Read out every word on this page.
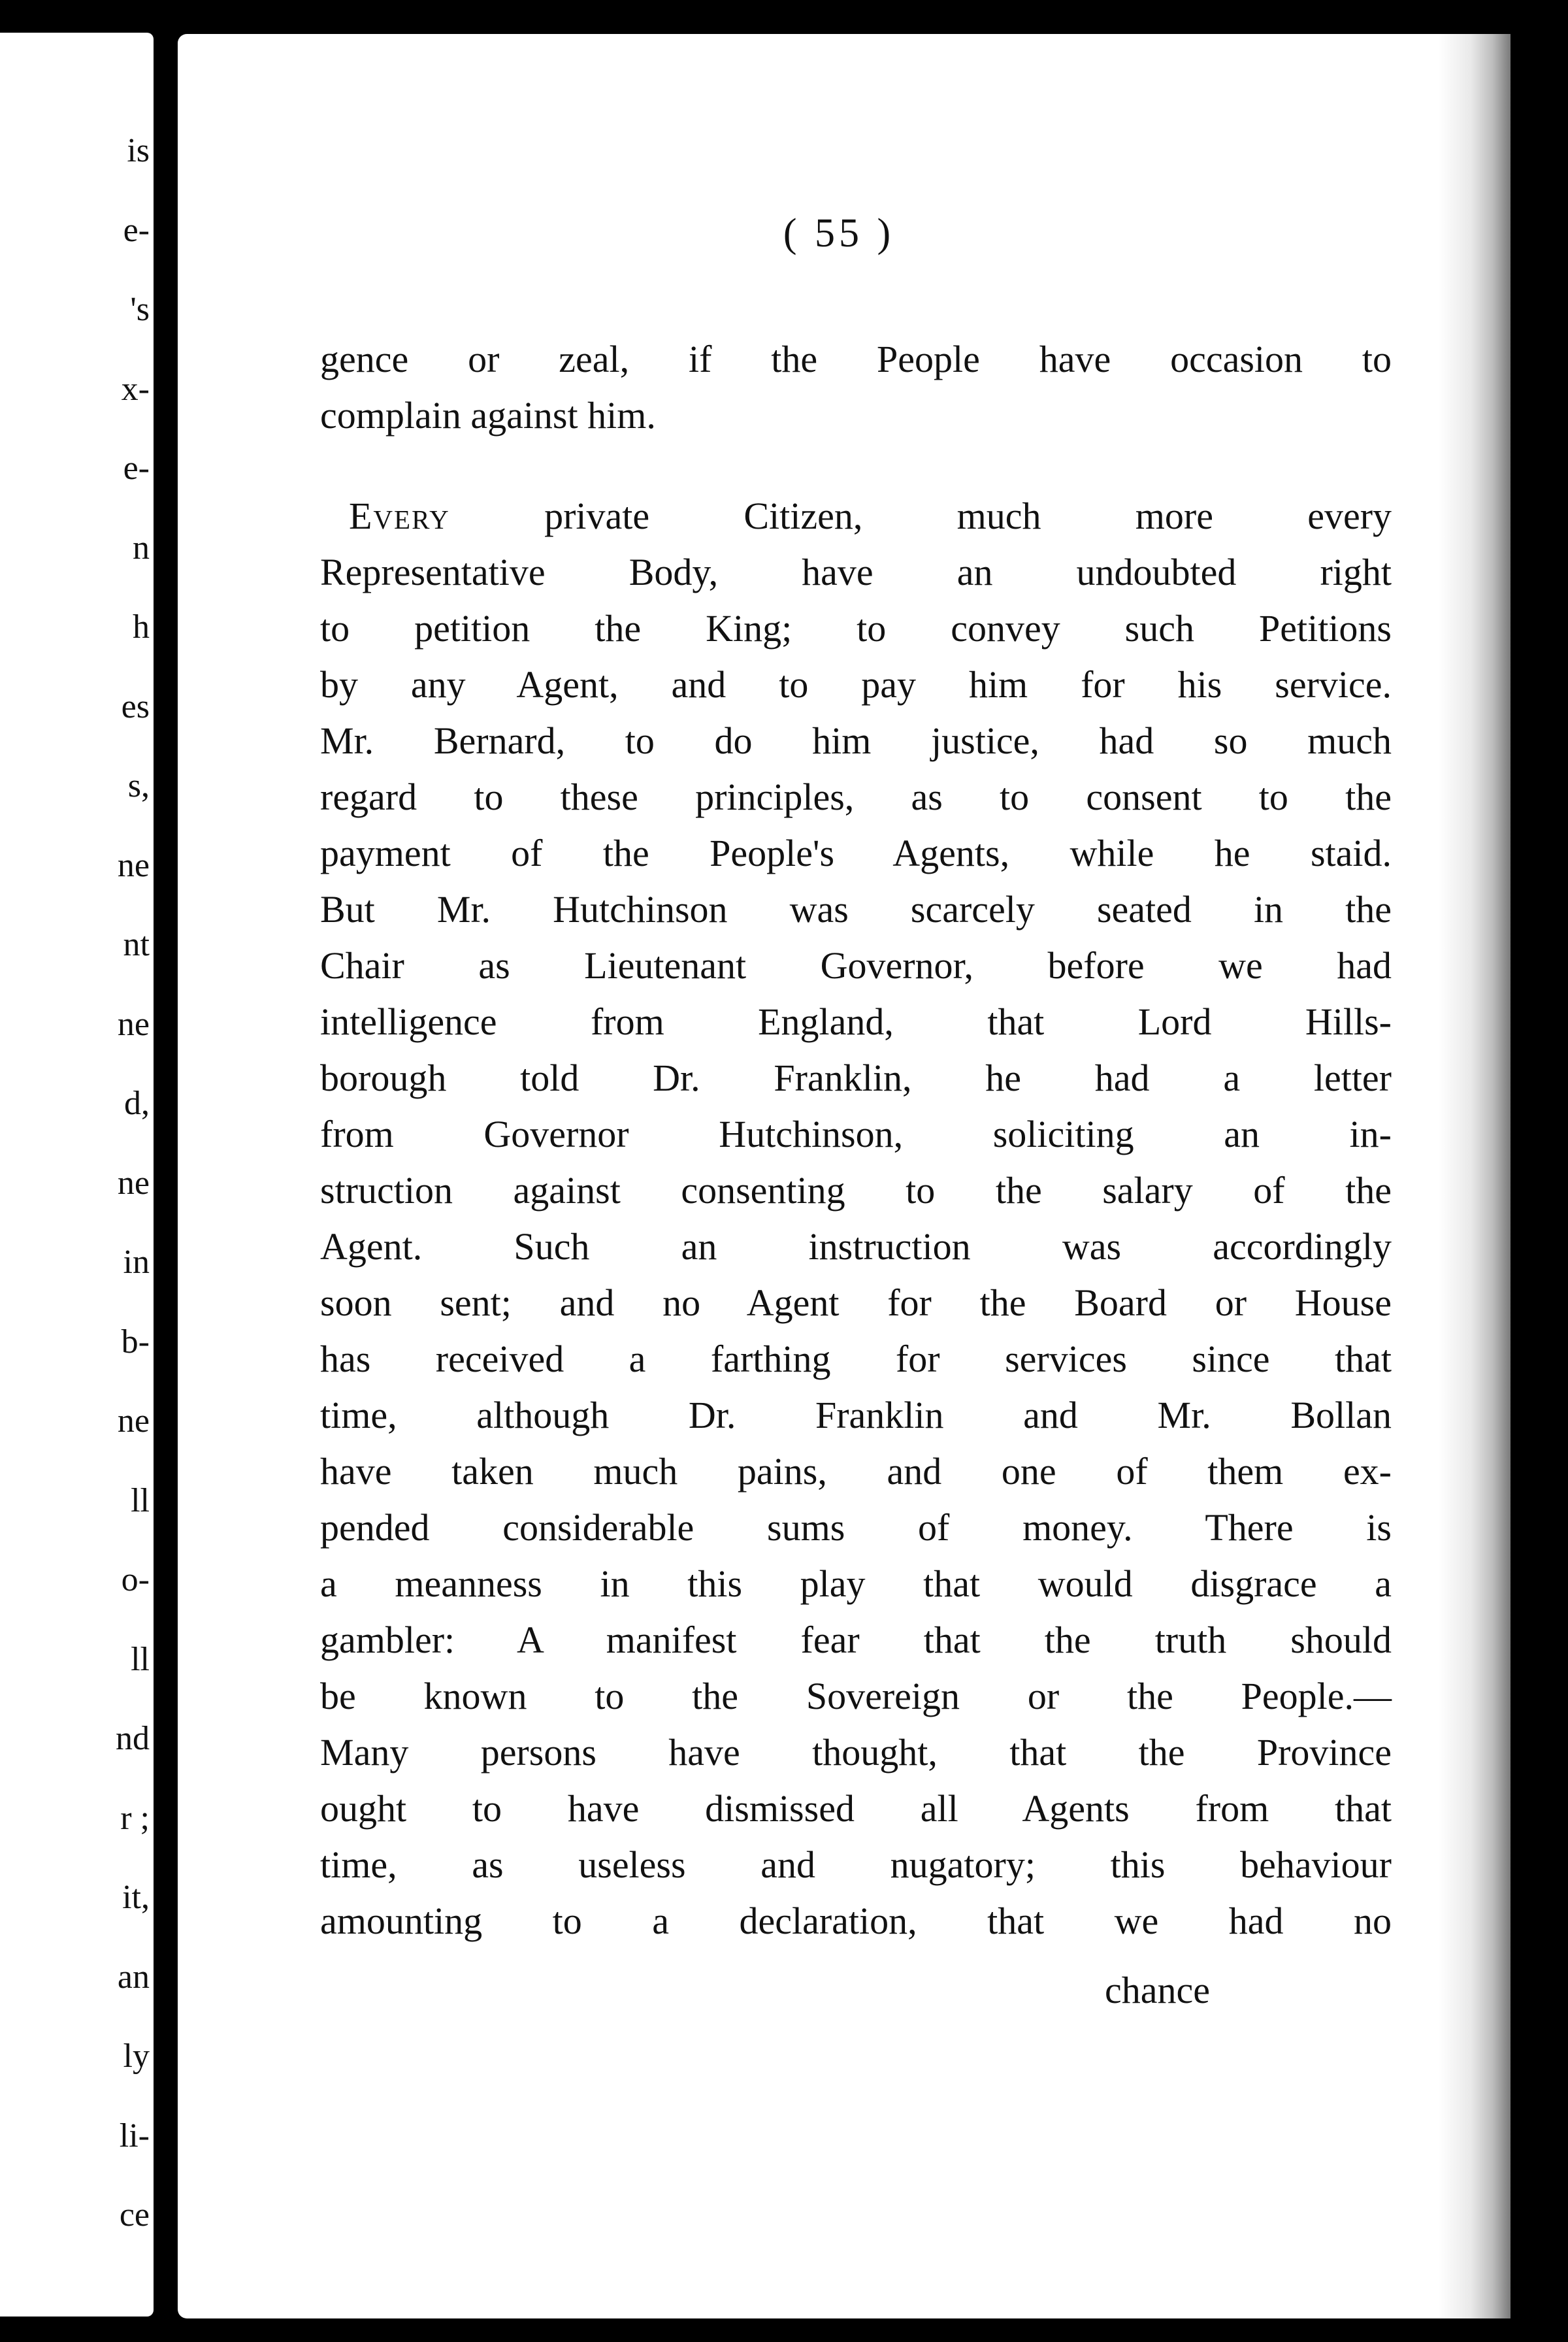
is
e-
's
x-
e-
n
h
es
s,
ne
nt
ne
d,
ne
in
b-
ne
ll
o-
ll
nd
r ;
it,
an
ly
li-
ce
( 55 )
gence or zeal, if the People have occasion to
complain against him.
Every private Citizen, much more every
Representative Body, have an undoubted right
to petition the King; to convey such Petitions
by any Agent, and to pay him for his service.
Mr. Bernard, to do him justice, had so much
regard to these principles, as to consent to the
payment of the People's Agents, while he staid.
But Mr. Hutchinson was scarcely seated in the
Chair as Lieutenant Governor, before we had
intelligence from England, that Lord Hills-
borough told Dr. Franklin, he had a letter
from Governor Hutchinson, soliciting an in-
struction against consenting to the salary of the
Agent. Such an instruction was accordingly
soon sent; and no Agent for the Board or House
has received a farthing for services since that
time, although Dr. Franklin and Mr. Bollan
have taken much pains, and one of them ex-
pended considerable sums of money. There is
a meanness in this play that would disgrace a
gambler: A manifest fear that the truth should
be known to the Sovereign or the People.—
Many persons have thought, that the Province
ought to have dismissed all Agents from that
time, as useless and nugatory; this behaviour
amounting to a declaration, that we had no
chance
